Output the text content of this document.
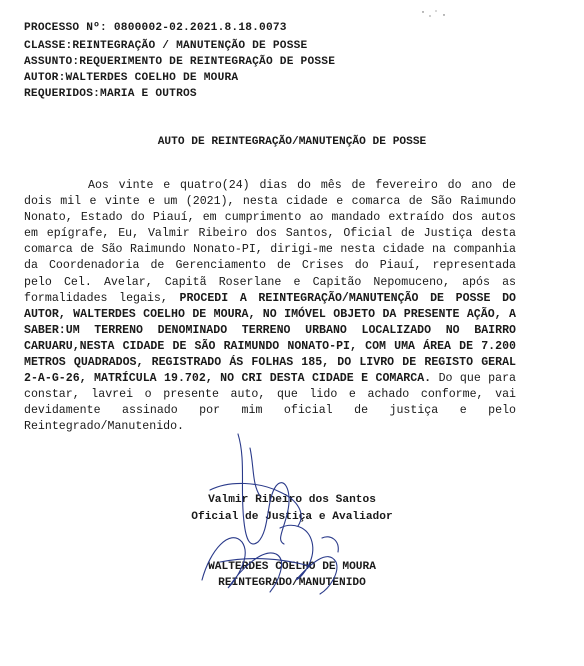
PROCESSO Nº: 0800002-02.2021.8.18.0073
CLASSE:REINTEGRAÇÃO / MANUTENÇÃO DE POSSE
ASSUNTO:REQUERIMENTO DE REINTEGRAÇÃO DE POSSE
AUTOR:WALTERDES COELHO DE MOURA
REQUERIDOS:MARIA E OUTROS
AUTO DE REINTEGRAÇÃO/MANUTENÇÃO DE POSSE

Aos vinte e quatro(24) dias do mês de fevereiro do ano de dois mil e vinte e um (2021), nesta cidade e comarca de São Raimundo Nonato, Estado do Piauí, em cumprimento ao mandado extraído dos autos em epígrafe, Eu, Valmir Ribeiro dos Santos, Oficial de Justiça desta comarca de São Raimundo Nonato-PI, dirigi-me nesta cidade na companhia da Coordenadoria de Gerenciamento de Crises do Piauí, representada pelo Cel. Avelar, Capitã Roserlane e Capitão Nepomuceno, após as formalidades legais, PROCEDI A REINTEGRAÇÃO/MANUTENÇÃO DE POSSE DO AUTOR, WALTERDES COELHO DE MOURA, NO IMÓVEL OBJETO DA PRESENTE AÇÃO, A SABER:UM TERRENO DENOMINADO TERRENO URBANO LOCALIZADO NO BAIRRO CARUARU,NESTA CIDADE DE SÃO RAIMUNDO NONATO-PI, COM UMA ÁREA DE 7.200 METROS QUADRADOS, REGISTRADO ÁS FOLHAS 185, DO LIVRO DE REGISTO GERAL 2-A-G-26, MATRÍCULA 19.702, NO CRI DESTA CIDADE E COMARCA. Do que para constar, lavrei o presente auto, que lido e achado conforme, vai devidamente assinado por mim oficial de justiça e pelo Reintegrado/Manutenido.

Valmir Ribeiro dos Santos
Oficial de Justiça e Avaliador
WALTERDES COELHO DE MOURA
REINTEGRADO/MANUTENIDO
